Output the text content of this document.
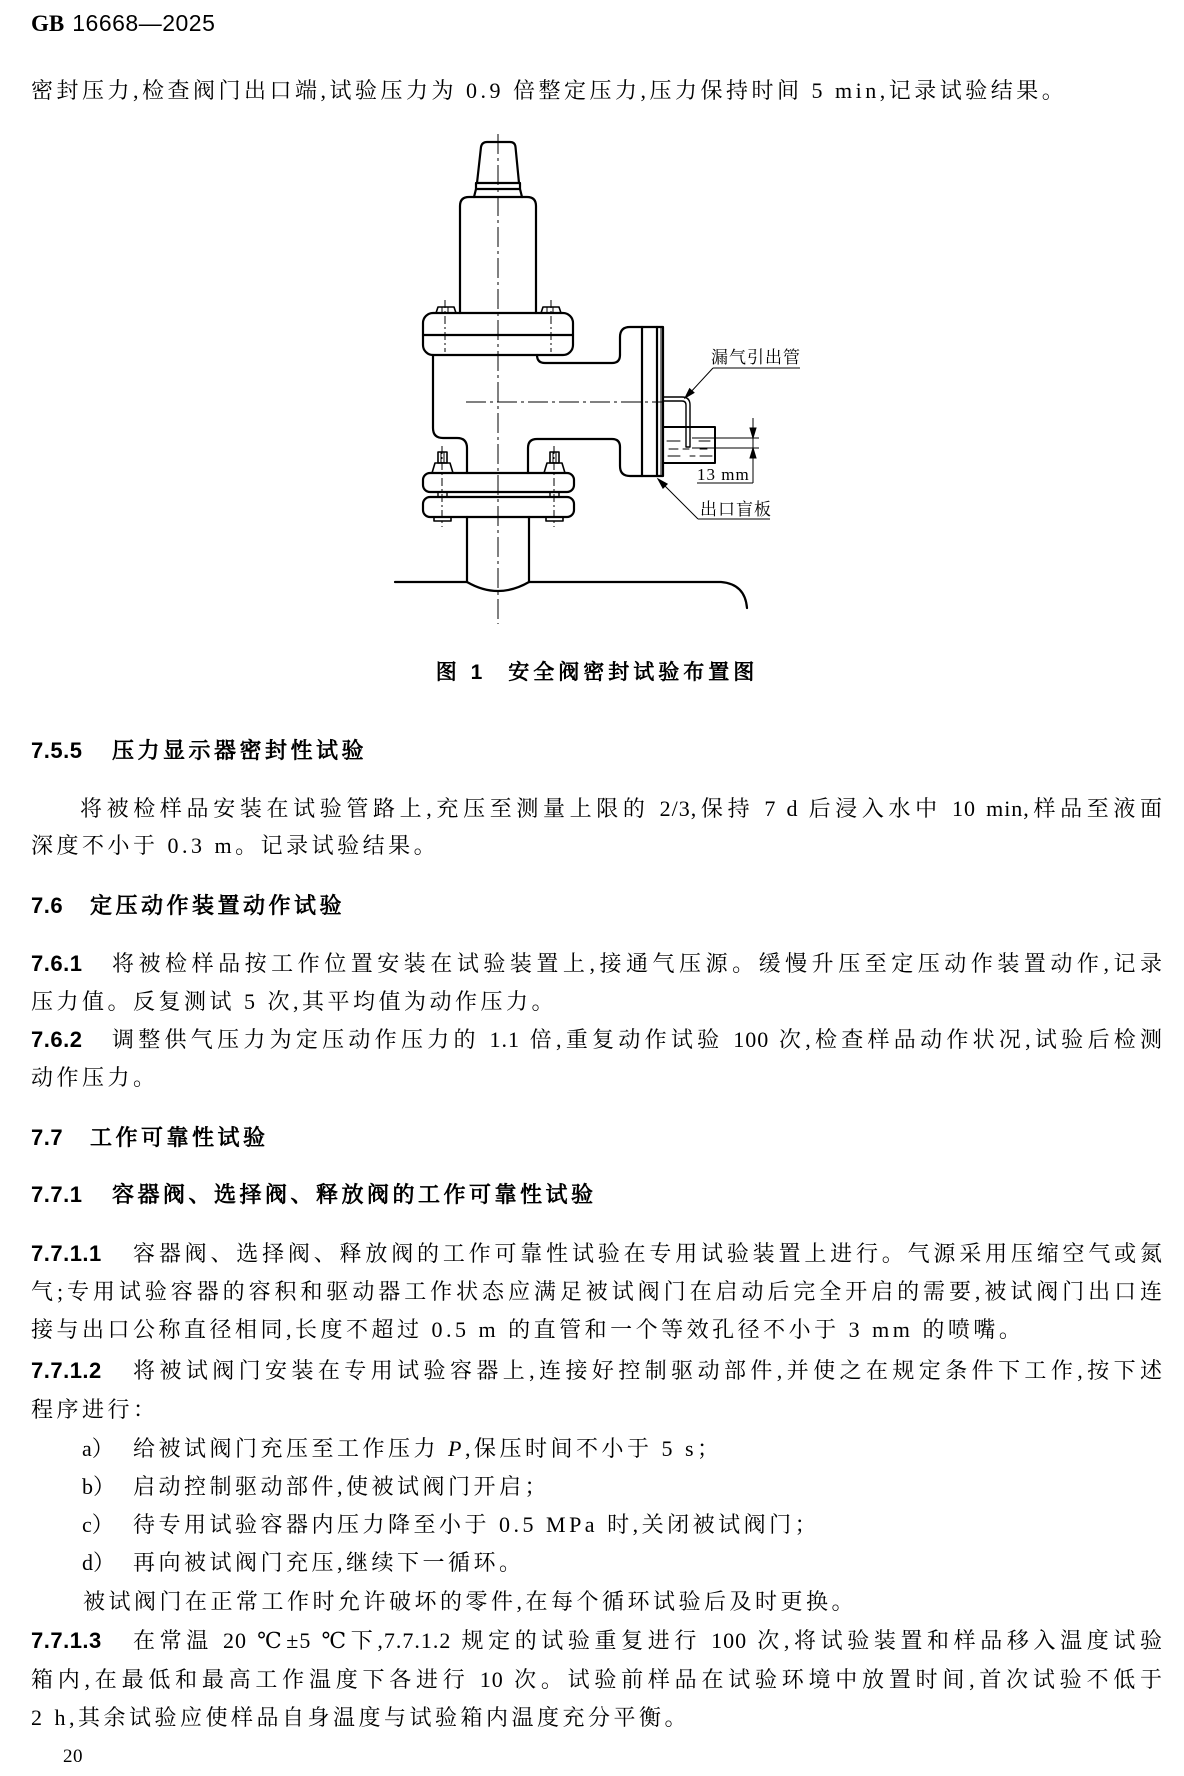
GB 16668—2025
密封压力,检查阀门出口端,试验压力为 0.9 倍整定压力,压力保持时间 5 min,记录试验结果。
漏气引出管
13 mm
出口盲板
图 1 安全阀密封试验布置图
7.5.5 压力显示器密封性试验
将被检样品安装在试验管路上,充压至测量上限的 2/3,保持 7 d 后浸入水中 10 min,样品至液面
深度不小于 0.3 m。记录试验结果。
7.6 定压动作装置动作试验
7.6.1 将被检样品按工作位置安装在试验装置上,接通气压源。缓慢升压至定压动作装置动作,记录
压力值。反复测试 5 次,其平均值为动作压力。
7.6.2 调整供气压力为定压动作压力的 1.1 倍,重复动作试验 100 次,检查样品动作状况,试验后检测
动作压力。
7.7 工作可靠性试验
7.7.1 容器阀、选择阀、释放阀的工作可靠性试验
7.7.1.1 容器阀、选择阀、释放阀的工作可靠性试验在专用试验装置上进行。气源采用压缩空气或氮
气;专用试验容器的容积和驱动器工作状态应满足被试阀门在启动后完全开启的需要,被试阀门出口连
接与出口公称直径相同,长度不超过 0.5 m 的直管和一个等效孔径不小于 3 mm 的喷嘴。
7.7.1.2 将被试阀门安装在专用试验容器上,连接好控制驱动部件,并使之在规定条件下工作,按下述
程序进行：
a） 给被试阀门充压至工作压力 P,保压时间不小于 5 s；
b） 启动控制驱动部件,使被试阀门开启；
c） 待专用试验容器内压力降至小于 0.5 MPa 时,关闭被试阀门；
d） 再向被试阀门充压,继续下一循环。
被试阀门在正常工作时允许破坏的零件,在每个循环试验后及时更换。
7.7.1.3 在常温 20 ℃±5 ℃下,7.7.1.2 规定的试验重复进行 100 次,将试验装置和样品移入温度试验
箱内,在最低和最高工作温度下各进行 10 次。试验前样品在试验环境中放置时间,首次试验不低于
2 h,其余试验应使样品自身温度与试验箱内温度充分平衡。
20
